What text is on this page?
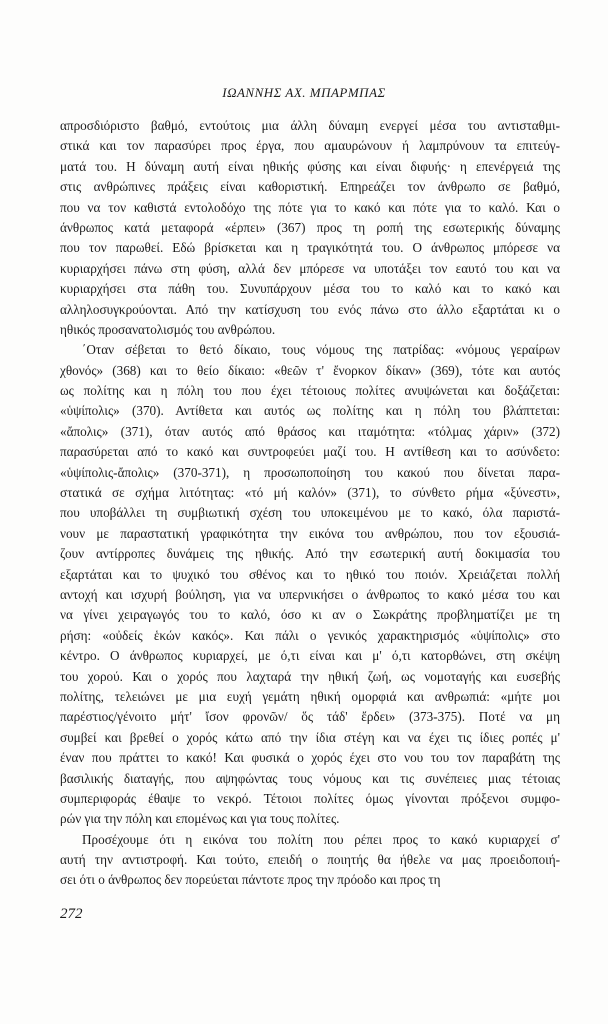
ΙΩΑΝΝΗΣ ΑΧ. ΜΠΑΡΜΠΑΣ
απροσδιόριστο βαθμό, εντούτοις μια άλλη δύναμη ενεργεί μέσα του αντισταθμι-
στικά και τον παρασύρει προς έργα, που αμαυρώνουν ή λαμπρύνουν τα επιτεύγ-
ματά του. Η δύναμη αυτή είναι ηθικής φύσης και είναι διφυής· η επενέργειά της
στις ανθρώπινες πράξεις είναι καθοριστική. Επηρεάζει τον άνθρωπο σε βαθμό,
που να τον καθιστά εντολοδόχο της πότε για το κακό και πότε για το καλό. Και ο
άνθρωπος κατά μεταφορά «έρπει» (367) προς τη ροπή της εσωτερικής δύναμης
που τον παρωθεί. Εδώ βρίσκεται και η τραγικότητά του. Ο άνθρωπος μπόρεσε να
κυριαρχήσει πάνω στη φύση, αλλά δεν μπόρεσε να υποτάξει τον εαυτό του και να
κυριαρχήσει στα πάθη του. Συνυπάρχουν μέσα του το καλό και το κακό και
αλληλοσυγκρούονται. Από την κατίσχυση του ενός πάνω στο άλλο εξαρτάται κι ο
ηθικός προσανατολισμός του ανθρώπου.
΄Οταν σέβεται το θετό δίκαιο, τους νόμους της πατρίδας: «νόμους γεραίρων
χθονός» (368) και το θείο δίκαιο: «θεῶν τ' ἔνορκον δίκαν» (369), τότε και αυτός
ως πολίτης και η πόλη του που έχει τέτοιους πολίτες ανυψώνεται και δοξάζεται:
«ὑψίπολις» (370). Αντίθετα και αυτός ως πολίτης και η πόλη του βλάπτεται:
«ἄπολις» (371), όταν αυτός από θράσος και ιταμότητα: «τόλμας χάριν» (372)
παρασύρεται από το κακό και συντροφεύει μαζί του. Η αντίθεση και το ασύνδετο:
«ὑψίπολις-ἄπολις» (370-371), η προσωποποίηση του κακού που δίνεται παρα-
στατικά σε σχήμα λιτότητας: «τό μή καλόν» (371), το σύνθετο ρήμα «ξύνεστι»,
που υποβάλλει τη συμβιωτική σχέση του υποκειμένου με το κακό, όλα παριστά-
νουν με παραστατική γραφικότητα την εικόνα του ανθρώπου, που τον εξουσιά-
ζουν αντίρροπες δυνάμεις της ηθικής. Από την εσωτερική αυτή δοκιμασία του
εξαρτάται και το ψυχικό του σθένος και το ηθικό του ποιόν. Χρειάζεται πολλή
αντοχή και ισχυρή βούληση, για να υπερνικήσει ο άνθρωπος το κακό μέσα του και
να γίνει χειραγωγός του το καλό, όσο κι αν ο Σωκράτης προβληματίζει με τη
ρήση: «οὐδείς ἑκών κακός». Και πάλι ο γενικός χαρακτηρισμός «ὑψίπολις» στο
κέντρο. Ο άνθρωπος κυριαρχεί, με ό,τι είναι και μ' ό,τι κατορθώνει, στη σκέψη
του χορού. Και ο χορός που λαχταρά την ηθική ζωή, ως νομοταγής και ευσεβής
πολίτης, τελειώνει με μια ευχή γεμάτη ηθική ομορφιά και ανθρωπιά: «μήτε μοι
παρέστιος/γένοιτο μήτ' ἴσον φρονῶν/ ὅς τάδ' ἔρδει» (373-375). Ποτέ να μη
συμβεί και βρεθεί ο χορός κάτω από την ίδια στέγη και να έχει τις ίδιες ροπές μ'
έναν που πράττει το κακό! Και φυσικά ο χορός έχει στο νου του τον παραβάτη της
βασιλικής διαταγής, που αψηφώντας τους νόμους και τις συνέπειες μιας τέτοιας
συμπεριφοράς έθαψε το νεκρό. Τέτοιοι πολίτες όμως γίνονται πρόξενοι συμφο-
ρών για την πόλη και επομένως και για τους πολίτες.
Προσέχουμε ότι η εικόνα του πολίτη που ρέπει προς το κακό κυριαρχεί σ'
αυτή την αντιστροφή. Και τούτο, επειδή ο ποιητής θα ήθελε να μας προειδοποιή-
σει ότι ο άνθρωπος δεν πορεύεται πάντοτε προς την πρόοδο και προς τη
272
